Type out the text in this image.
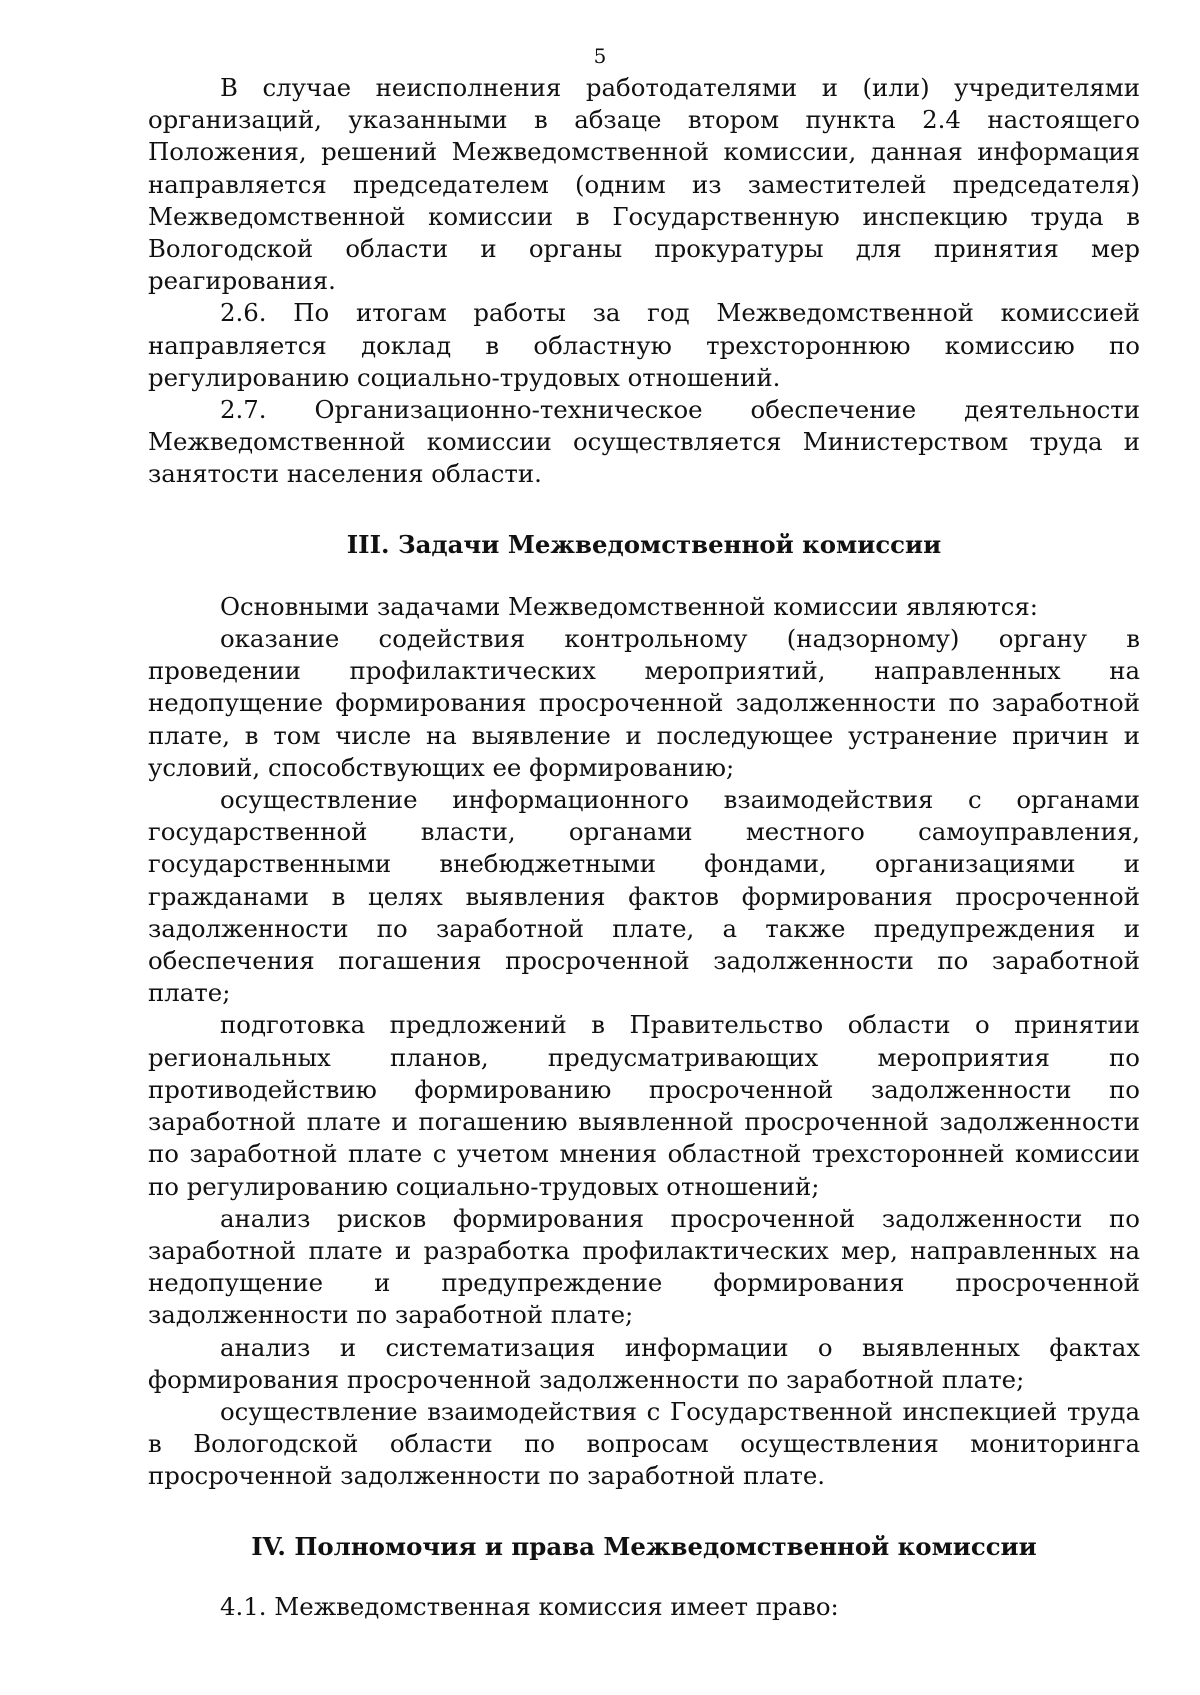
5

В случае неисполнения работодателями и (или) учредителями организаций, указанными в абзаце втором пункта 2.4 настоящего Положения, решений Межведомственной комиссии, данная информация направляется председателем (одним из заместителей председателя) Межведомственной комиссии в Государственную инспекцию труда в Вологодской области и органы прокуратуры для принятия мер реагирования.

2.6. По итогам работы за год Межведомственной комиссией направляется доклад в областную трехстороннюю комиссию по регулированию социально-трудовых отношений.

2.7. Организационно-техническое обеспечение деятельности Межведомственной комиссии осуществляется Министерством труда и занятости населения области.

III. Задачи Межведомственной комиссии

Основными задачами Межведомственной комиссии являются:

оказание содействия контрольному (надзорному) органу в проведении профилактических мероприятий, направленных на недопущение формирования просроченной задолженности по заработной плате, в том числе на выявление и последующее устранение причин и условий, способствующих ее формированию;

осуществление информационного взаимодействия с органами государственной власти, органами местного самоуправления, государственными внебюджетными фондами, организациями и гражданами в целях выявления фактов формирования просроченной задолженности по заработной плате, а также предупреждения и обеспечения погашения просроченной задолженности по заработной плате;

подготовка предложений в Правительство области о принятии региональных планов, предусматривающих мероприятия по противодействию формированию просроченной задолженности по заработной плате и погашению выявленной просроченной задолженности по заработной плате с учетом мнения областной трехсторонней комиссии по регулированию социально-трудовых отношений;

анализ рисков формирования просроченной задолженности по заработной плате и разработка профилактических мер, направленных на недопущение и предупреждение формирования просроченной задолженности по заработной плате;

анализ и систематизация информации о выявленных фактах формирования просроченной задолженности по заработной плате;

осуществление взаимодействия с Государственной инспекцией труда в Вологодской области по вопросам осуществления мониторинга просроченной задолженности по заработной плате.

IV. Полномочия и права Межведомственной комиссии

4.1. Межведомственная комиссия имеет право:
